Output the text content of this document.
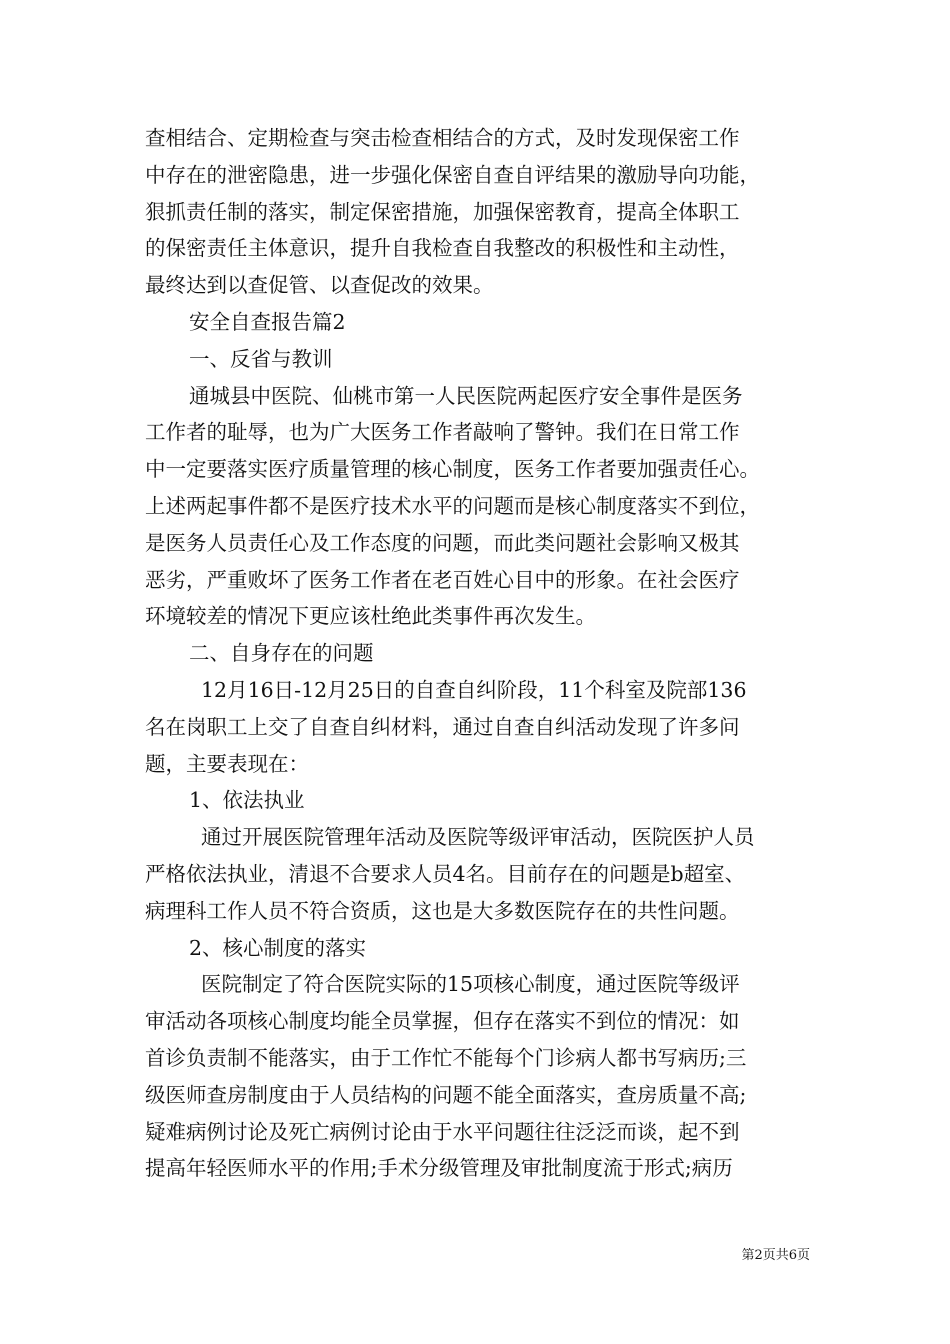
查相结合、定期检查与突击检查相结合的方式，及时发现保密工作
中存在的泄密隐患，进一步强化保密自查自评结果的激励导向功能，
狠抓责任制的落实，制定保密措施，加强保密教育，提高全体职工
的保密责任主体意识，提升自我检查自我整改的积极性和主动性，
最终达到以查促管、以查促改的效果。
安全自查报告篇2
一、反省与教训
通城县中医院、仙桃市第一人民医院两起医疗安全事件是医务
工作者的耻辱，也为广大医务工作者敲响了警钟。我们在日常工作
中一定要落实医疗质量管理的核心制度，医务工作者要加强责任心。
上述两起事件都不是医疗技术水平的问题而是核心制度落实不到位，
是医务人员责任心及工作态度的问题，而此类问题社会影响又极其
恶劣，严重败坏了医务工作者在老百姓心目中的形象。在社会医疗
环境较差的情况下更应该杜绝此类事件再次发生。
二、自身存在的问题
12月16日-12月25日的自查自纠阶段，11个科室及院部136
名在岗职工上交了自查自纠材料，通过自查自纠活动发现了许多问
题，主要表现在：
1、依法执业
通过开展医院管理年活动及医院等级评审活动，医院医护人员
严格依法执业，清退不合要求人员4名。目前存在的问题是b超室、
病理科工作人员不符合资质，这也是大多数医院存在的共性问题。
2、核心制度的落实
医院制定了符合医院实际的15项核心制度，通过医院等级评
审活动各项核心制度均能全员掌握，但存在落实不到位的情况：如
首诊负责制不能落实，由于工作忙不能每个门诊病人都书写病历;三
级医师查房制度由于人员结构的问题不能全面落实，查房质量不高;
疑难病例讨论及死亡病例讨论由于水平问题往往泛泛而谈，起不到
提高年轻医师水平的作用;手术分级管理及审批制度流于形式;病历
第2页共6页
